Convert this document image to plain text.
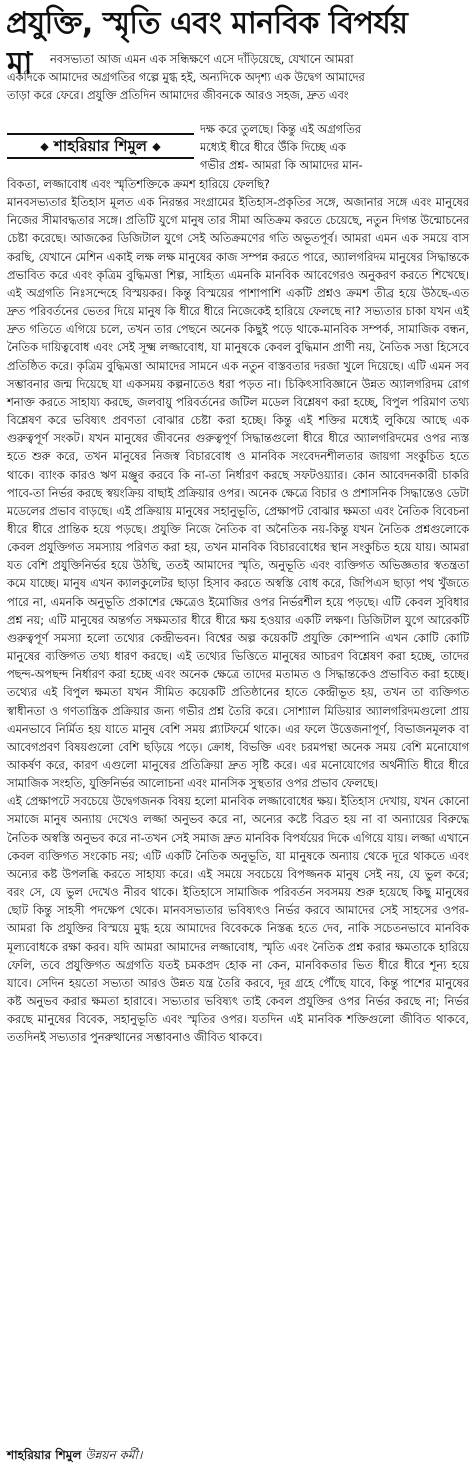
প্রযুক্তি, স্মৃতি এবং মানবিক বিপর্যয়
মা নবসভ্যতা আজ এমন এক সন্ধিক্ষণে এসে দাঁড়িয়েছে, যেখানে আমরা
একদিকে আমাদের অগ্রগতির গল্পে মুগ্ধ হই, অন্যদিকে অদৃশ্য এক উদ্বেগ আমাদের
তাড়া করে ফেরে। প্রযুক্তি প্রতিদিন আমাদের জীবনকে আরও সহজ, দ্রুত এবং
দক্ষ করে তুলছে। কিন্তু এই অগ্রগতির
মধ্যেই ধীরে ধীরে উঁকি দিচ্ছে এক
গভীর প্রশ্ন- আমরা কি আমাদের মান-
◆ শাহরিয়ার শিমুল ◆

বিকতা, লজ্জাবোধ এবং স্মৃতিশক্তিকে ক্রমশ হারিয়ে ফেলছি?

মানবসভ্যতার ইতিহাস মূলত এক নিরন্তর সংগ্রামের ইতিহাস-প্রকৃতির সঙ্গে, অজানার সঙ্গে এবং মানুষের নিজের সীমাবদ্ধতার সঙ্গে। প্রতিটি যুগে মানুষ তার সীমা অতিক্রম করতে চেয়েছে, নতুন দিগন্ত উন্মোচনের চেষ্টা করেছে। আজকের ডিজিটাল যুগে সেই অতিক্রমণের গতি অভূতপূর্ব। আমরা এমন এক সময়ে বাস করছি, যেখানে মেশিন একাই লক্ষ লক্ষ মানুষের কাজ সম্পন্ন করতে পারে, অ্যালগরিদম মানুষের সিদ্ধান্তকে প্রভাবিত করে এবং কৃত্রিম বুদ্ধিমত্তা শিল্প, সাহিত্য এমনকি মানবিক আবেগেরও অনুকরণ করতে শিখেছে। এই অগ্রগতি নিঃসন্দেহে বিস্ময়কর। কিন্তু বিস্ময়ের পাশাপাশি একটি প্রশ্নও ক্রমশ তীব্র হয়ে উঠছে-এত দ্রুত পরিবর্তনের ভেতর দিয়ে মানুষ কি ধীরে ধীরে নিজেকেই হারিয়ে ফেলছে না? সভ্যতার চাকা যখন এই দ্রুত গতিতে এগিয়ে চলে, তখন তার পেছনে অনেক কিছুই পড়ে থাকে-মানবিক সম্পর্ক, সামাজিক বন্ধন, নৈতিক দায়িত্ববোধ এবং সেই সূক্ষ্ম লজ্জাবোধ, যা মানুষকে কেবল বুদ্ধিমান প্রাণী নয়, নৈতিক সত্তা হিসেবে প্রতিষ্ঠিত করে। কৃত্রিম বুদ্ধিমত্তা আমাদের সামনে এক নতুন বাস্তবতার দরজা খুলে দিয়েছে। এটি এমন সব সম্ভাবনার জন্ম দিয়েছে যা একসময় কল্পনাতেও ধরা পড়ত না। চিকিৎসাবিজ্ঞানে উন্নত অ্যালগরিদম রোগ শনাক্ত করতে সাহায্য করছে, জলবায়ু পরিবর্তনের জটিল মডেল বিশ্লেষণ করা হচ্ছে, বিপুল পরিমাণ তথ্য বিশ্লেষণ করে ভবিষ্যৎ প্রবণতা বোঝার চেষ্টা করা হচ্ছে। কিন্তু এই শক্তির মধ্যেই লুকিয়ে আছে এক গুরুত্বপূর্ণ সংকট। যখন মানুষের জীবনের গুরুত্বপূর্ণ সিদ্ধান্তগুলো ধীরে ধীরে অ্যালগরিদমের ওপর ন্যস্ত হতে শুরু করে, তখন মানুষের নিজস্ব বিচারবোধ ও মানবিক সংবেদনশীলতার জায়গা সংকুচিত হতে থাকে। ব্যাংক কারও ঋণ মঞ্জুর করবে কি না-তা নির্ধারণ করছে সফটওয়্যার। কোন আবেদনকারী চাকরি পাবে-তা নির্ভর করছে স্বয়ংক্রিয় বাছাই প্রক্রিয়ার ওপর। অনেক ক্ষেত্রে বিচার ও প্রশাসনিক সিদ্ধান্তেও ডেটা মডেলের প্রভাব বাড়ছে। এই প্রক্রিয়ায় মানুষের সহানুভূতি, প্রেক্ষাপট বোঝার ক্ষমতা এবং নৈতিক বিবেচনা ধীরে ধীরে প্রান্তিক হয়ে পড়ছে। প্রযুক্তি নিজে নৈতিক বা অনৈতিক নয়-কিন্তু যখন নৈতিক প্রশ্নগুলোকে কেবল প্রযুক্তিগত সমস্যায় পরিণত করা হয়, তখন মানবিক বিচারবোধের স্থান সংকুচিত হয়ে যায়। আমরা যত বেশি প্রযুক্তিনির্ভর হয়ে উঠছি, ততই আমাদের স্মৃতি, অনুভূতি এবং ব্যক্তিগত অভিজ্ঞতার স্বতন্ত্রতা কমে যাচ্ছে। মানুষ এখন ক্যালকুলেটর ছাড়া হিসাব করতে অস্বস্তি বোধ করে, জিপিএস ছাড়া পথ খুঁজতে পারে না, এমনকি অনুভূতি প্রকাশের ক্ষেত্রেও ইমোজির ওপর নির্ভরশীল হয়ে পড়ছে। এটি কেবল সুবিধার প্রশ্ন নয়; এটি মানুষের অন্তর্গত সক্ষমতার ধীরে ধীরে ক্ষয় হওয়ার একটি লক্ষণ। ডিজিটাল যুগে আরেকটি গুরুত্বপূর্ণ সমস্যা হলো তথ্যের কেন্দ্রীভবন। বিশ্বের অল্প কয়েকটি প্রযুক্তি কোম্পানি এখন কোটি কোটি মানুষের ব্যক্তিগত তথ্য ধারণ করছে। এই তথ্যের ভিত্তিতে মানুষের আচরণ বিশ্লেষণ করা হচ্ছে, তাদের পছন্দ-অপছন্দ নির্ধারণ করা হচ্ছে এবং অনেক ক্ষেত্রে তাদের মতামত ও সিদ্ধান্তকেও প্রভাবিত করা হচ্ছে। তথ্যের এই বিপুল ক্ষমতা যখন সীমিত কয়েকটি প্রতিষ্ঠানের হাতে কেন্দ্রীভূত হয়, তখন তা ব্যক্তিগত স্বাধীনতা ও গণতান্ত্রিক প্রক্রিয়ার জন্য গভীর প্রশ্ন তৈরি করে। সোশ্যাল মিডিয়ার অ্যালগরিদমগুলো প্রায় এমনভাবে নির্মিত হয় যাতে মানুষ বেশি সময় প্ল্যাটফর্মে থাকে। এর ফলে উত্তেজনাপূর্ণ, বিভাজনমূলক বা আবেগপ্রবণ বিষয়গুলো বেশি ছড়িয়ে পড়ে। ক্রোধ, বিভক্তি এবং চরমপন্থা অনেক সময় বেশি মনোযোগ আকর্ষণ করে, কারণ এগুলো মানুষের প্রতিক্রিয়া দ্রুত সৃষ্টি করে। এর মনোযোগের অর্থনীতি ধীরে ধীরে সামাজিক সংহতি, যুক্তিনির্ভর আলোচনা এবং মানসিক সুস্থতার ওপর প্রভাব ফেলছে।

এই প্রেক্ষাপটে সবচেয়ে উদ্বেগজনক বিষয় হলো মানবিক লজ্জাবোধের ক্ষয়। ইতিহাস দেখায়, যখন কোনো সমাজে মানুষ অন্যায় দেখেও লজ্জা অনুভব করে না, অন্যের কষ্টে বিব্রত হয় না বা অন্যায়ের বিরুদ্ধে নৈতিক অস্বস্তি অনুভব করে না-তখন সেই সমাজ দ্রুত মানবিক বিপর্যয়ের দিকে এগিয়ে যায়। লজ্জা এখানে কেবল ব্যক্তিগত সংকোচ নয়; এটি একটি নৈতিক অনুভূতি, যা মানুষকে অন্যায় থেকে দূরে থাকতে এবং অন্যের কষ্ট উপলব্ধি করতে সাহায্য করে। এই সময়ে সবচেয়ে বিপজ্জনক মানুষ সেই নয়, যে ভুল করে; বরং সে, যে ভুল দেখেও নীরব থাকে। ইতিহাসে সামাজিক পরিবর্তন সবসময় শুরু হয়েছে কিছু মানুষের ছোট কিন্তু সাহসী পদক্ষেপ থেকে। মানবসভ্যতার ভবিষ্যৎও নির্ভর করবে আমাদের সেই সাহসের ওপর-আমরা কি প্রযুক্তির বিস্ময়ে মুগ্ধ হয়ে আমাদের বিবেককে নিস্তব্ধ হতে দেব, নাকি সচেতনভাবে মানবিক মূল্যবোধকে রক্ষা করব। যদি আমরা আমাদের লজ্জাবোধ, স্মৃতি এবং নৈতিক প্রশ্ন করার ক্ষমতাকে হারিয়ে ফেলি, তবে প্রযুক্তিগত অগ্রগতি যতই চমকপ্রদ হোক না কেন, মানবিকতার ভিত ধীরে ধীরে শূন্য হয়ে যাবে। সেদিন হয়তো সভ্যতা আরও উন্নত যন্ত্র তৈরি করবে, দূর গ্রহে পৌঁছে যাবে, কিন্তু পাশের মানুষের কষ্ট অনুভব করার ক্ষমতা হারাবে। সভ্যতার ভবিষ্যৎ তাই কেবল প্রযুক্তির ওপর নির্ভর করছে না; নির্ভর করছে মানুষের বিবেক, সহানুভূতি এবং স্মৃতির ওপর। যতদিন এই মানবিক শক্তিগুলো জীবিত থাকবে, ততদিনই সভ্যতার পুনরুত্থানের সম্ভাবনাও জীবিত থাকবে।

শাহরিয়ার শিমুল উন্নয়ন কর্মী।
